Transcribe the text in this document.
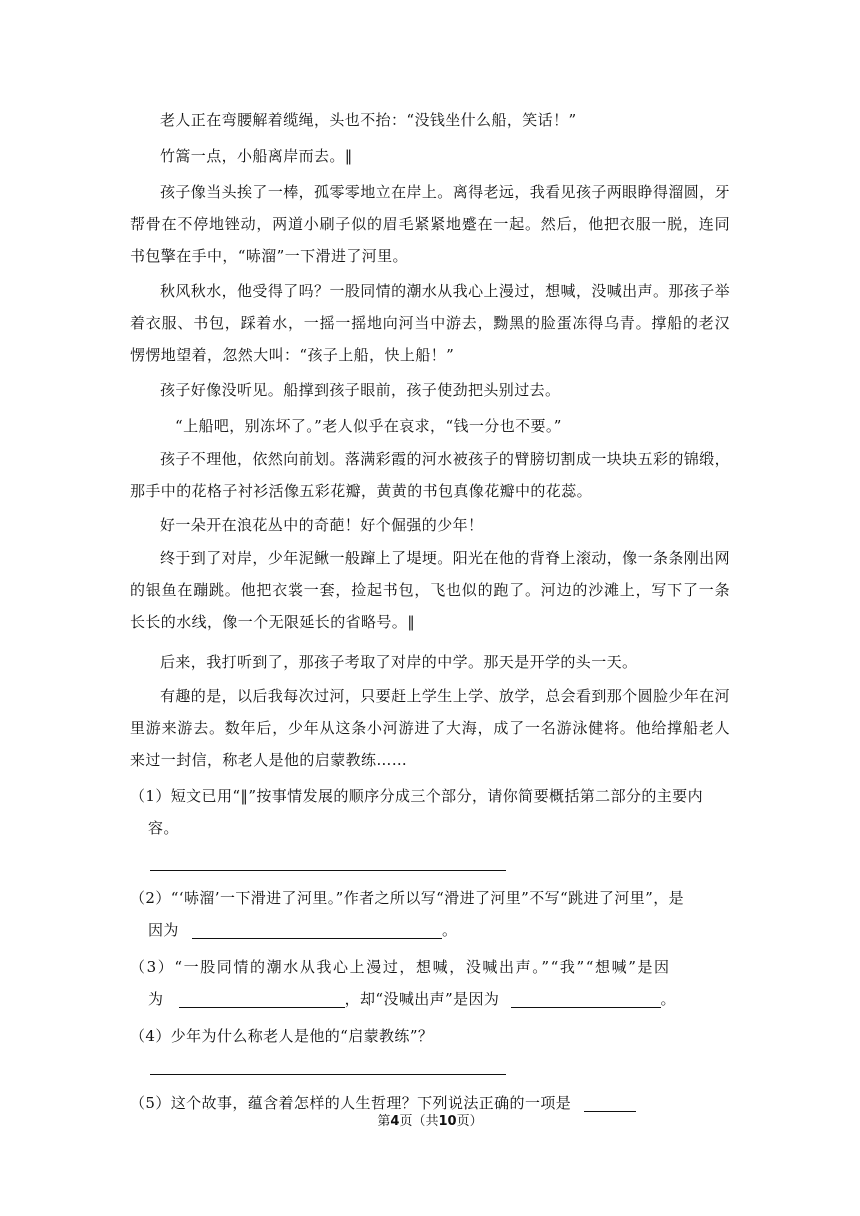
老人正在弯腰解着缆绳，头也不抬：“没钱坐什么船，笑话！”

竹篙一点，小船离岸而去。‖

孩子像当头挨了一棒，孤零零地立在岸上。离得老远，我看见孩子两眼睁得溜圆，牙帮骨在不停地锉动，两道小刷子似的眉毛紧紧地蹙在一起。然后，他把衣服一脱，连同书包擎在手中，“哧溜”一下滑进了河里。

秋风秋水，他受得了吗？一股同情的潮水从我心上漫过，想喊，没喊出声。那孩子举着衣服、书包，踩着水，一摇一摇地向河当中游去，黝黑的脸蛋冻得乌青。撑船的老汉愣愣地望着，忽然大叫：“孩子上船，快上船！”

孩子好像没听见。船撑到孩子眼前，孩子使劲把头别过去。

“上船吧，别冻坏了。”老人似乎在哀求，“钱一分也不要。”

孩子不理他，依然向前划。落满彩霞的河水被孩子的臂膀切割成一块块五彩的锦缎，那手中的花格子衬衫活像五彩花瓣，黄黄的书包真像花瓣中的花蕊。

好一朵开在浪花丛中的奇葩！好个倔强的少年！

终于到了对岸，少年泥鳅一般蹿上了堤埂。阳光在他的背脊上滚动，像一条条刚出网的银鱼在蹦跳。他把衣裳一套，捡起书包，飞也似的跑了。河边的沙滩上，写下了一条长长的水线，像一个无限延长的省略号。‖

后来，我打听到了，那孩子考取了对岸的中学。那天是开学的头一天。

有趣的是，以后我每次过河，只要赶上学生上学、放学，总会看到那个圆脸少年在河里游来游去。数年后，少年从这条小河游进了大海，成了一名游泳健将。他给撑船老人来过一封信，称老人是他的启蒙教练……

（1）短文已用“‖”按事情发展的顺序分成三个部分，请你简要概括第二部分的主要内
容。
（2）“‘哧溜’一下滑进了河里。”作者之所以写“滑进了河里”不写“跳进了河里”，是
因为	。
（3）“一股同情的潮水从我心上漫过，想喊，没喊出声。”“我”“想喊”是因
为	，却“没喊出声”是因为	。
（4）少年为什么称老人是他的“启蒙教练”？
（5）这个故事，蕴含着怎样的人生哲理？下列说法正确的一项是
第4页（共10页）
